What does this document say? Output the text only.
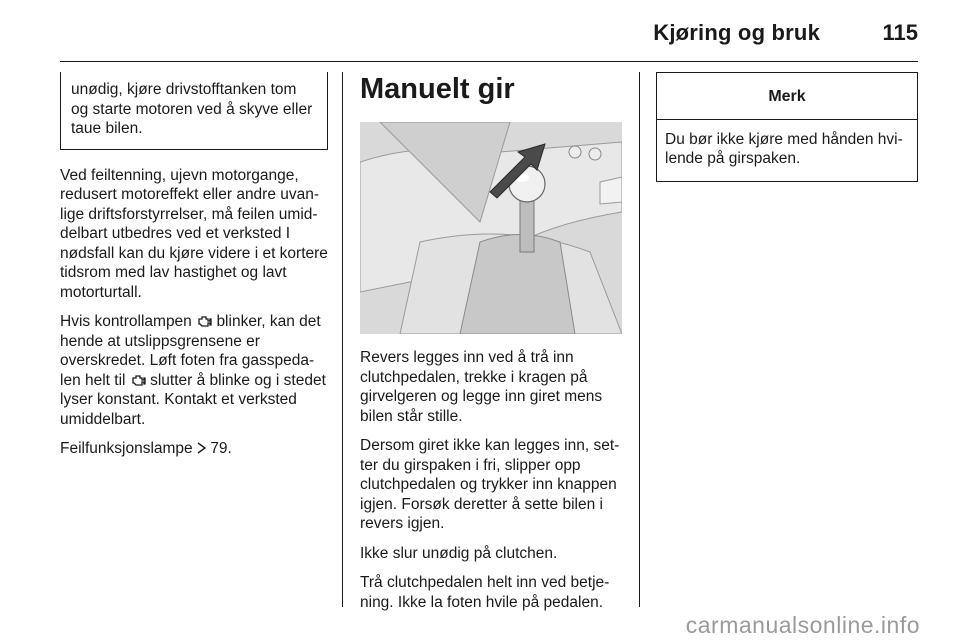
Kjøring og bruk	115
unødig, kjøre drivstofftanken tom og starte motoren ved å skyve eller taue bilen.

Ved feiltenning, ujevn motorgange, redusert motoreffekt eller andre uvanlige driftsforstyrrelser, må feilen umiddelbart utbedres ved et verksted I nødsfall kan du kjøre videre i et kortere tidsrom med lav hastighet og lavt motorturtall.

Hvis kontrollampen blinker, kan det hende at utslippsgrensene er overskredet. Løft foten fra gasspedalen helt til slutter å blinke og i stedet lyser konstant. Kontakt et verksted umiddelbart.

Feilfunksjonslampe 79.

Manuelt gir

Revers legges inn ved å trå inn clutchpedalen, trekke i kragen på girvelgeren og legge inn giret mens bilen står stille.

Dersom giret ikke kan legges inn, setter du girspaken i fri, slipper opp clutchpedalen og trykker inn knappen igjen. Forsøk deretter å sette bilen i revers igjen.

Ikke slur unødig på clutchen.

Trå clutchpedalen helt inn ved betjening. Ikke la foten hvile på pedalen.

Merk
Du bør ikke kjøre med hånden hvilende på girspaken.
carmanualsonline.info
